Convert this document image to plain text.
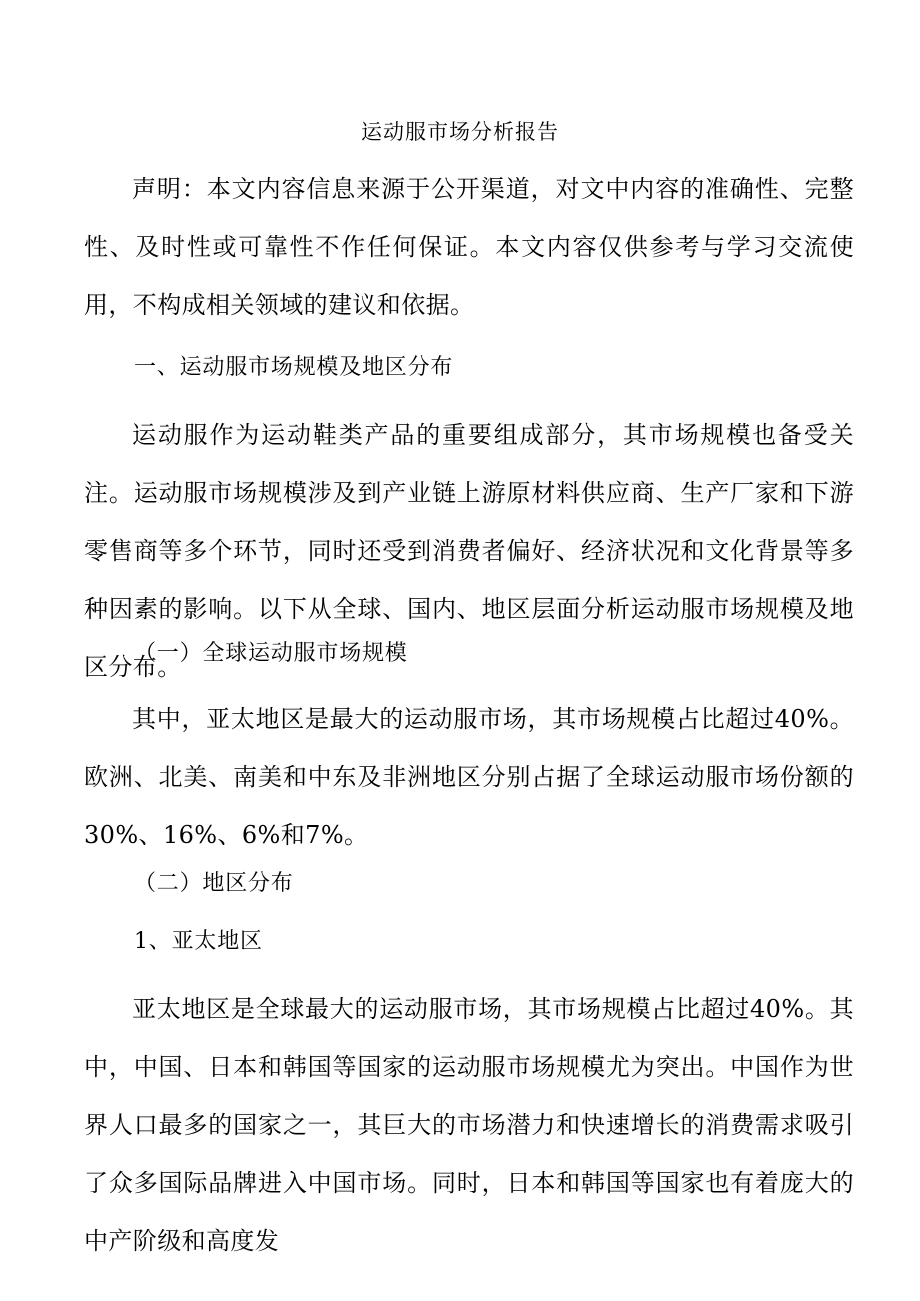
运动服市场分析报告

声明：本文内容信息来源于公开渠道，对文中内容的准确性、完整性、及时性或可靠性不作任何保证。本文内容仅供参考与学习交流使用，不构成相关领域的建议和依据。

一、运动服市场规模及地区分布

运动服作为运动鞋类产品的重要组成部分，其市场规模也备受关注。运动服市场规模涉及到产业链上游原材料供应商、生产厂家和下游零售商等多个环节，同时还受到消费者偏好、经济状况和文化背景等多种因素的影响。以下从全球、国内、地区层面分析运动服市场规模及地区分布。

（一）全球运动服市场规模

其中，亚太地区是最大的运动服市场，其市场规模占比超过40%。欧洲、北美、南美和中东及非洲地区分别占据了全球运动服市场份额的30%、16%、6%和7%。

（二）地区分布
1、亚太地区

亚太地区是全球最大的运动服市场，其市场规模占比超过40%。其中，中国、日本和韩国等国家的运动服市场规模尤为突出。中国作为世界人口最多的国家之一，其巨大的市场潜力和快速增长的消费需求吸引了众多国际品牌进入中国市场。同时，日本和韩国等国家也有着庞大的中产阶级和高度发
